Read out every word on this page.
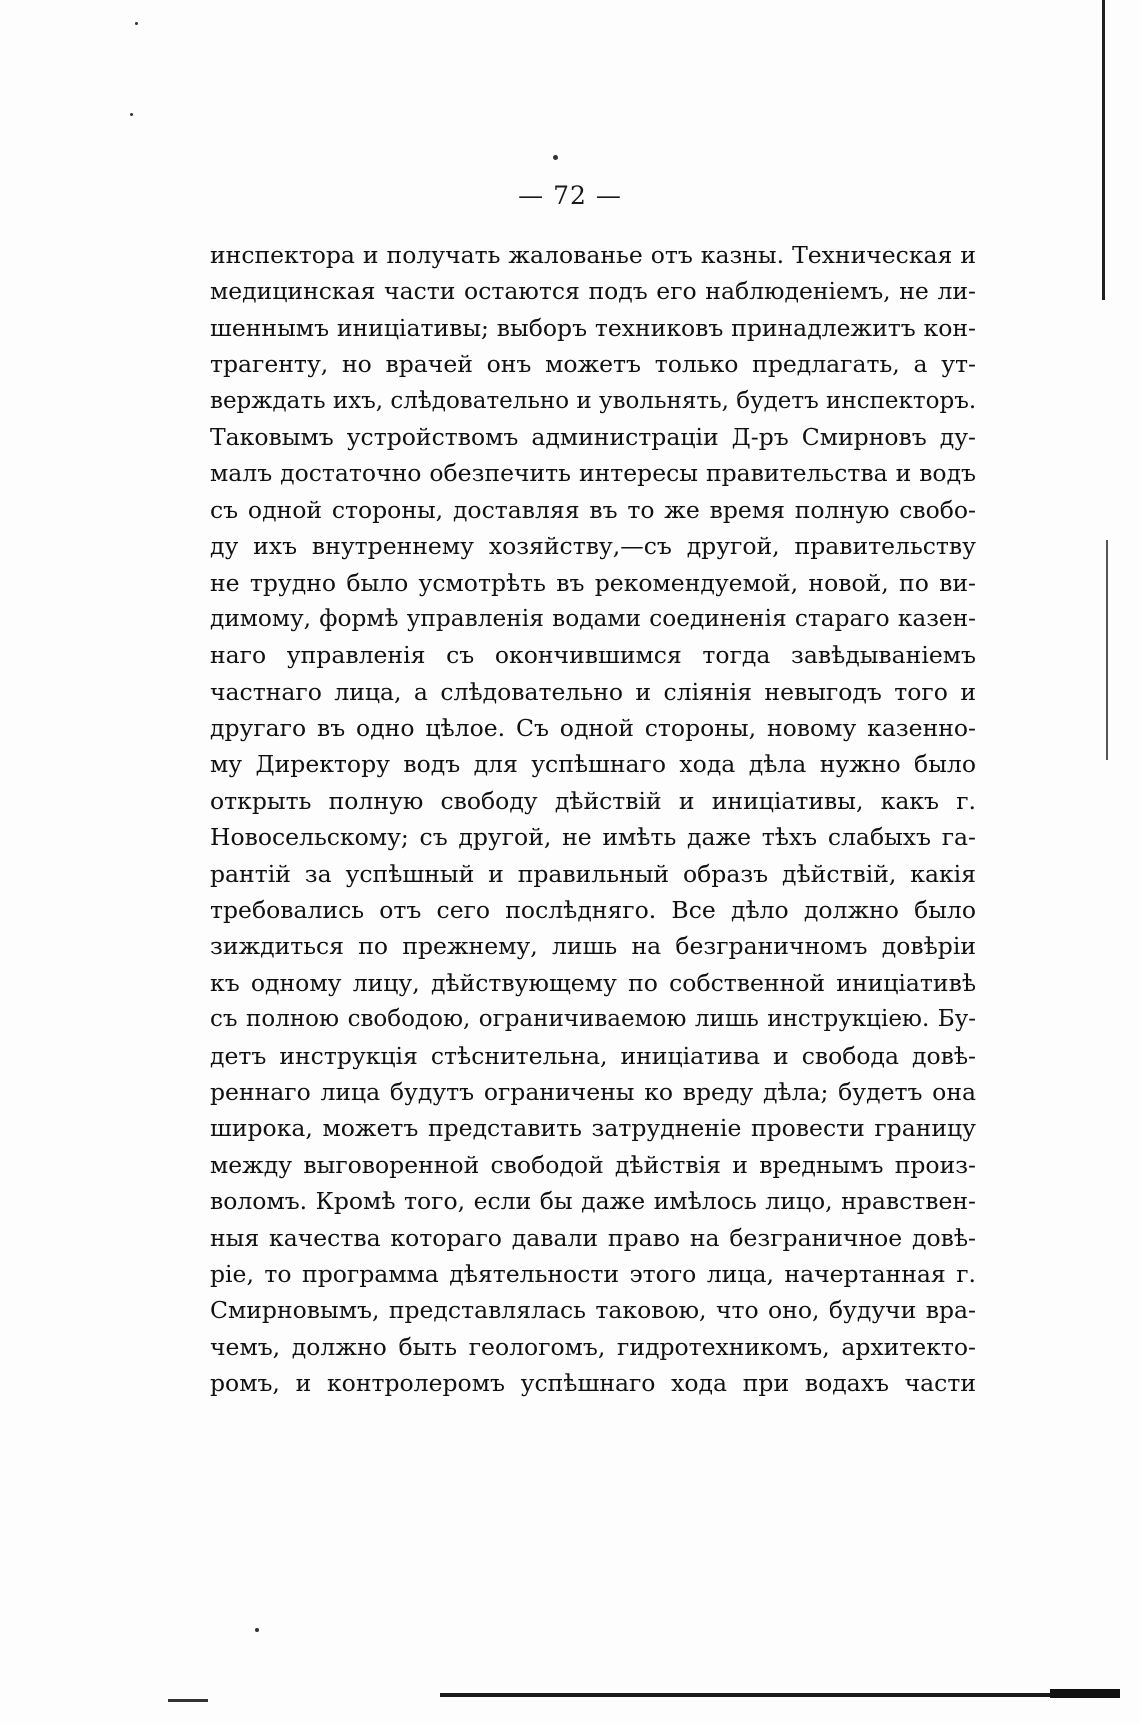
— 72 —
инспектора и получать жалованье отъ казны. Техническая и
медицинская части остаются подъ его наблюденіемъ, не ли-
шеннымъ иниціативы; выборъ техниковъ принадлежитъ кон-
трагенту, но врачей онъ можетъ только предлагать, а ут-
верждать ихъ, слѣдовательно и увольнять, будетъ инспекторъ.
Таковымъ устройствомъ администраціи Д-ръ Смирновъ ду-
малъ достаточно обезпечить интересы правительства и водъ
съ одной стороны, доставляя въ то же время полную свобо-
ду ихъ внутреннему хозяйству,—съ другой, правительству
не трудно было усмотрѣть въ рекомендуемой, новой, по ви-
димому, формѣ управленія водами соединенія стараго казен-
наго управленія съ окончившимся тогда завѣдываніемъ
частнаго лица, а слѣдовательно и сліянія невыгодъ того и
другаго въ одно цѣлое. Съ одной стороны, новому казенно-
му Директору водъ для успѣшнаго хода дѣла нужно было
открыть полную свободу дѣйствій и иниціативы, какъ г.
Новосельскому; съ другой, не имѣть даже тѣхъ слабыхъ га-
рантій за успѣшный и правильный образъ дѣйствій, какія
требовались отъ сего послѣдняго. Все дѣло должно было
зиждиться по прежнему, лишь на безграничномъ довѣріи
къ одному лицу, дѣйствующему по собственной иниціативѣ
съ полною свободою, ограничиваемою лишь инструкціею. Бу-
детъ инструкція стѣснительна, иниціатива и свобода довѣ-
реннаго лица будутъ ограничены ко вреду дѣла; будетъ она
широка, можетъ представить затрудненіе провести границу
между выговоренной свободой дѣйствія и вреднымъ произ-
воломъ. Кромѣ того, если бы даже имѣлось лицо, нравствен-
ныя качества котораго давали право на безграничное довѣ-
ріе, то программа дѣятельности этого лица, начертанная г.
Смирновымъ, представлялась таковою, что оно, будучи вра-
чемъ, должно быть геологомъ, гидротехникомъ, архитекто-
ромъ, и контролеромъ успѣшнаго хода при водахъ части
